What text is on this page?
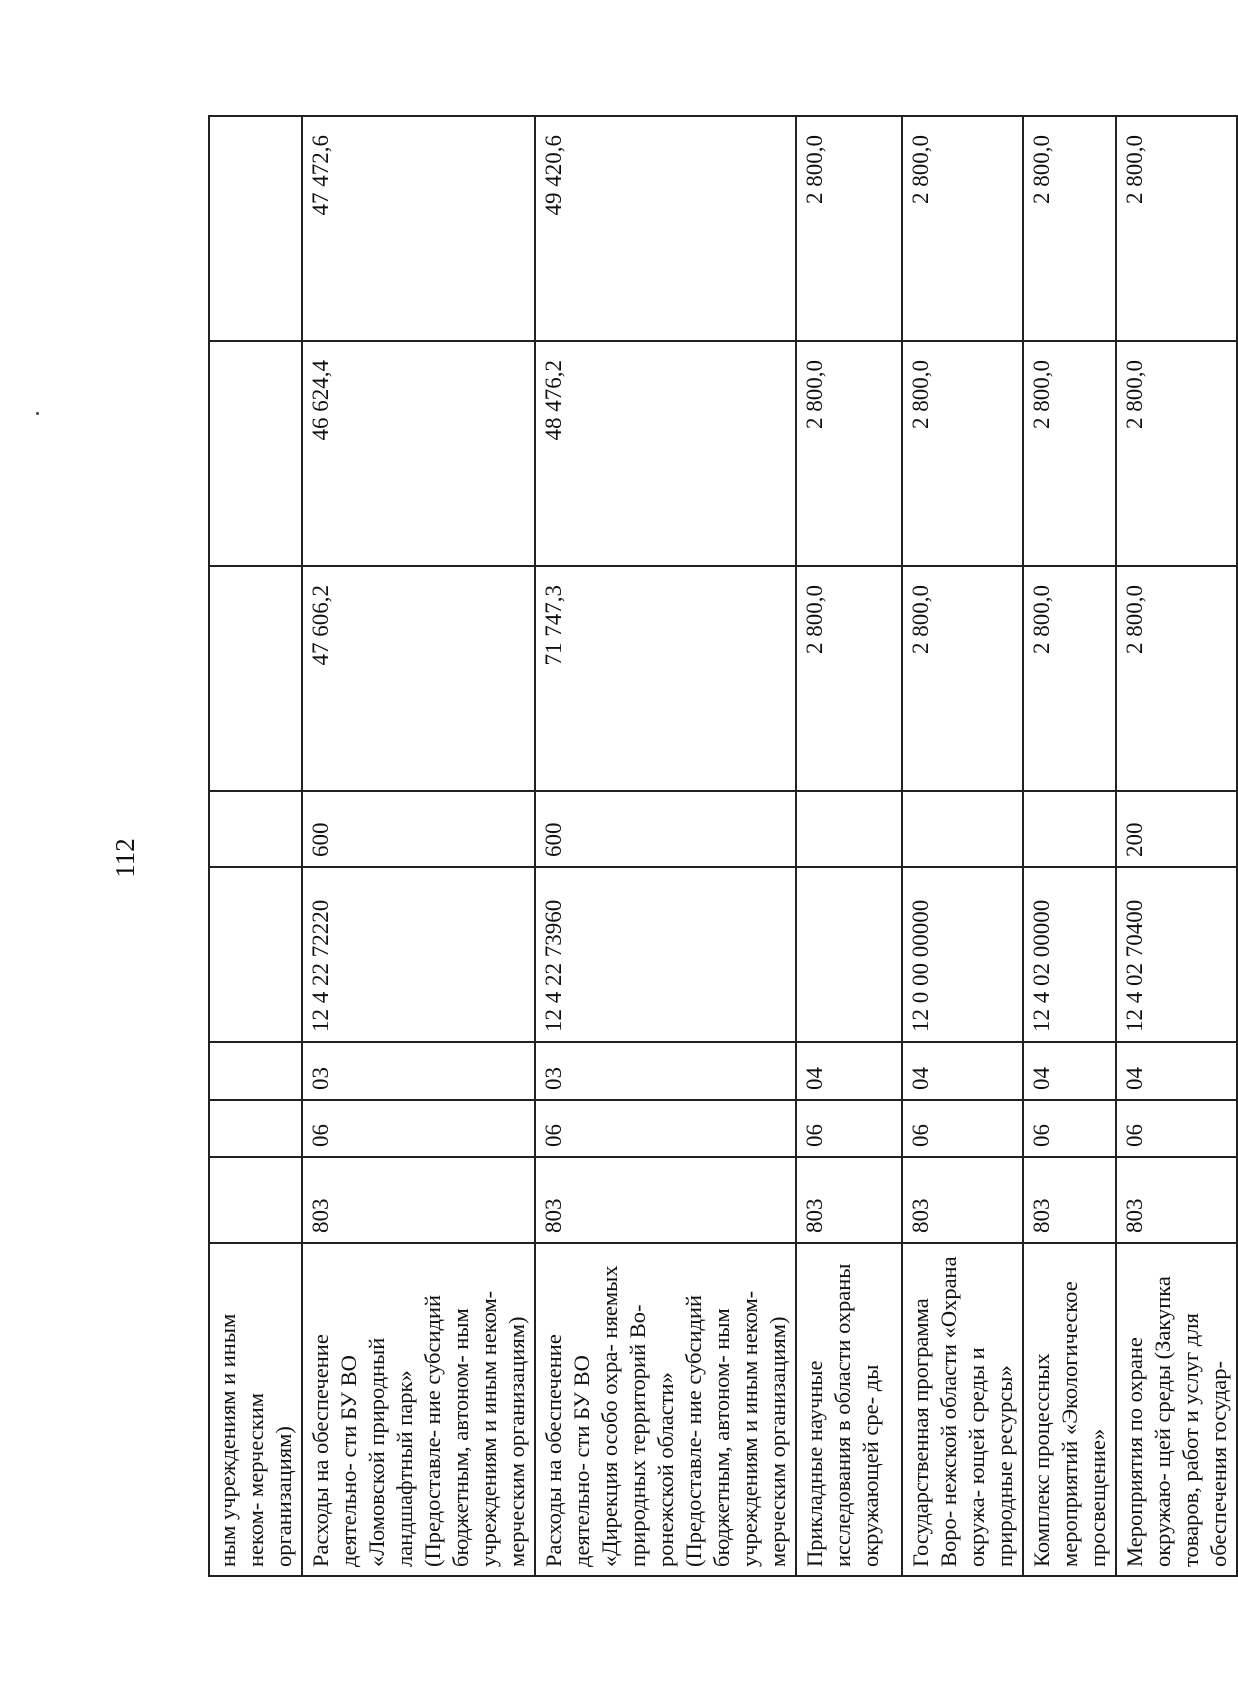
112
ным учреждениям и иным неком- мерческим организациям)								
Расходы на обеспечение деятельно- сти БУ ВО «Ломовской природный ландшафтный парк» (Предоставле- ние субсидий бюджетным, автоном- ным учреждениям и иным неком- мерческим организациям)	803	06	03	12 4 22 72220	600	47 606,2	46 624,4	47 472,6
Расходы на обеспечение деятельно- сти БУ ВО «Дирекция особо охра- няемых природных территорий Во- ронежской области» (Предоставле- ние субсидий бюджетным, автоном- ным учреждениям и иным неком- мерческим организациям)	803	06	03	12 4 22 73960	600	71 747,3	48 476,2	49 420,6
Прикладные научные исследования в области охраны окружающей сре- ды	803	06	04			2 800,0	2 800,0	2 800,0
Государственная программа Воро- нежской области «Охрана окружа- ющей среды и природные ресурсы»	803	06	04	12 0 00 00000		2 800,0	2 800,0	2 800,0
Комплекс процессных мероприятий «Экологическое просвещение»	803	06	04	12 4 02 00000		2 800,0	2 800,0	2 800,0
Мероприятия по охране окружаю- щей среды (Закупка товаров, работ и услуг для обеспечения государ-	803	06	04	12 4 02 70400	200	2 800,0	2 800,0	2 800,0
